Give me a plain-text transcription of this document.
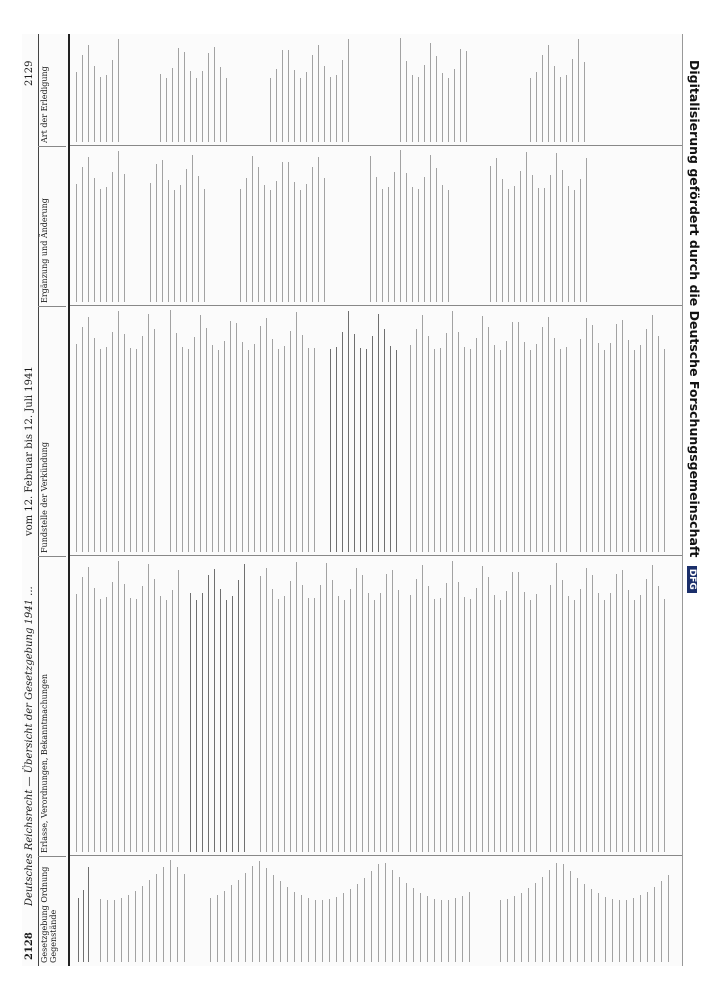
2128
Deutsches Reichsrecht — Übersicht der Gesetzgebung 1941 ...
vom 12. Februar bis 12. Juli 1941
2129
Gesetzgebung Ordnung Gegenstände
Erlasse, Verordnungen, Bekanntmachungen
Fundstelle der Verkündung
Ergänzung und Änderung
Art der Erledigung	Digitalisierung gefördert durch die Deutsche Forschungsgemeinschaft DFG
